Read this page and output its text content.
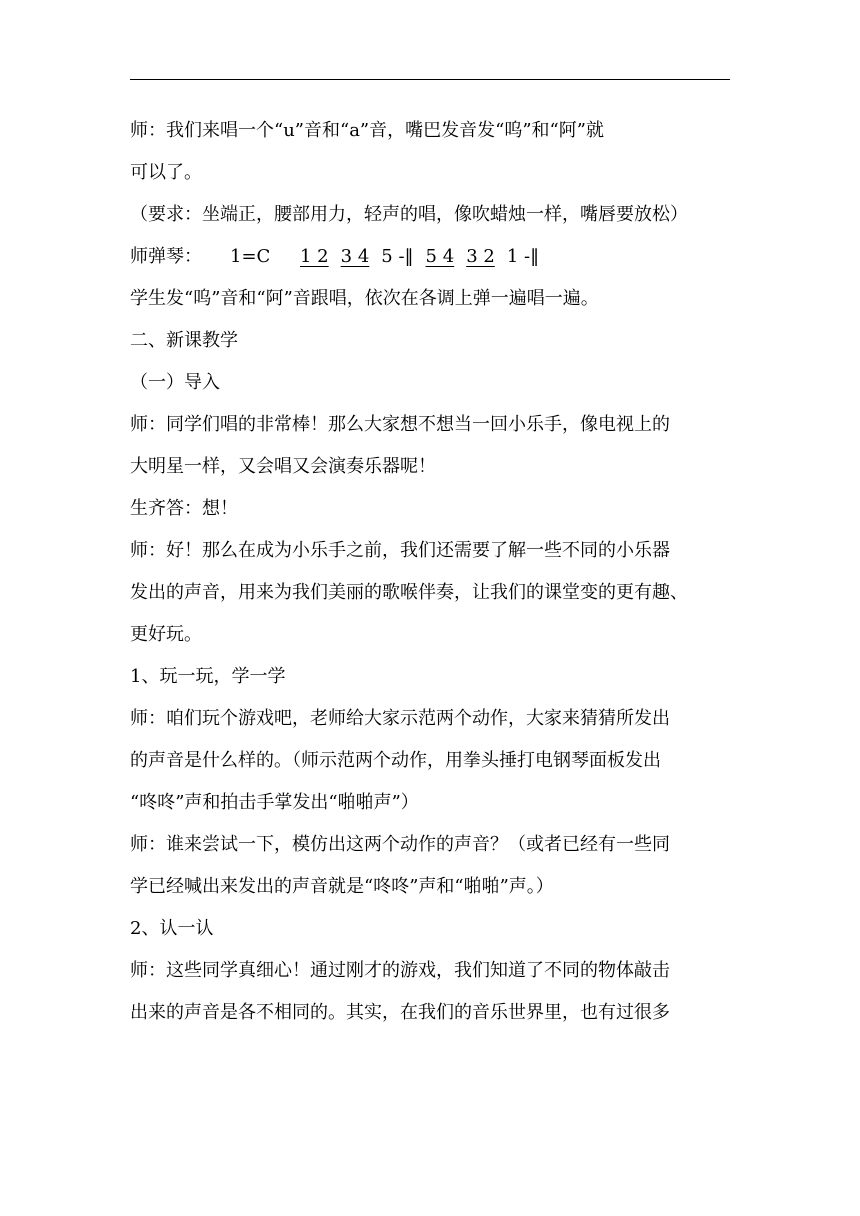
师：我们来唱一个“u”音和“a”音，嘴巴发音发“呜”和“阿”就
可以了。
（要求：坐端正，腰部用力，轻声的唱，像吹蜡烛一样，嘴唇要放松）
师弹琴：	1=C	1 2 3 4 5 -‖ 5 4 3 2 1 -‖
学生发“呜”音和“阿”音跟唱，依次在各调上弹一遍唱一遍。
二、新课教学
（一）导入
师：同学们唱的非常棒！那么大家想不想当一回小乐手，像电视上的
大明星一样，又会唱又会演奏乐器呢！
生齐答：想！
师：好！那么在成为小乐手之前，我们还需要了解一些不同的小乐器
发出的声音，用来为我们美丽的歌喉伴奏，让我们的课堂变的更有趣、
更好玩。
1、玩一玩，学一学
师：咱们玩个游戏吧，老师给大家示范两个动作，大家来猜猜所发出
的声音是什么样的。（师示范两个动作，用拳头捶打电钢琴面板发出
“咚咚”声和拍击手掌发出“啪啪声”）
师：谁来尝试一下，模仿出这两个动作的声音？（或者已经有一些同
学已经喊出来发出的声音就是“咚咚”声和“啪啪”声。）
2、认一认
师：这些同学真细心！通过刚才的游戏，我们知道了不同的物体敲击
出来的声音是各不相同的。其实，在我们的音乐世界里，也有过很多
